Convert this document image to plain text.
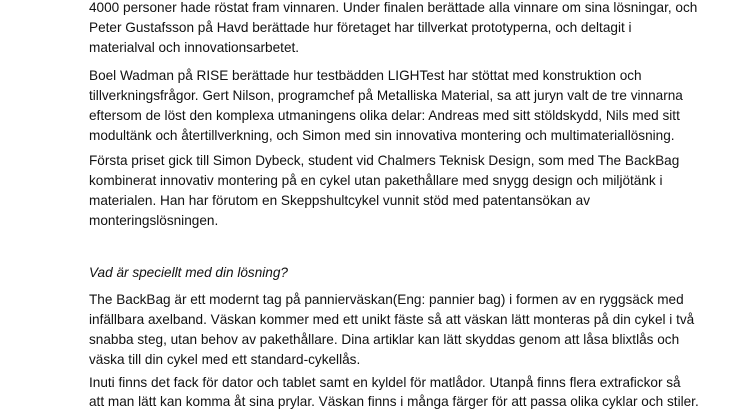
4000 personer hade röstat fram vinnaren. Under finalen berättade alla vinnare om sina lösningar, och
Peter Gustafsson på Havd berättade hur företaget har tillverkat prototyperna, och deltagit i
materialval och innovationsarbetet.
Boel Wadman på RISE berättade hur testbädden LIGHTest har stöttat med konstruktion och
tillverkningsfrågor. Gert Nilson, programchef på Metalliska Material, sa att juryn valt de tre vinnarna
eftersom de löst den komplexa utmaningens olika delar: Andreas med sitt stöldskydd, Nils med sitt
modultänk och återtillverkning, och Simon med sin innovativa montering och multimateriallösning.
Första priset gick till Simon Dybeck, student vid Chalmers Teknisk Design, som med The BackBag
kombinerat innovativ montering på en cykel utan pakethållare med snygg design och miljötänk i
materialen. Han har förutom en Skeppshultcykel vunnit stöd med patentansökan av
monteringslösningen.
Vad är speciellt med din lösning?
The BackBag är ett modernt tag på pannierväskan(Eng: pannier bag) i formen av en ryggsäck med
infällbara axelband. Väskan kommer med ett unikt fäste så att väskan lätt monteras på din cykel i två
snabba steg, utan behov av pakethållare. Dina artiklar kan lätt skyddas genom att låsa blixtlås och
väska till din cykel med ett standard-cykellås.
Inuti finns det fack för dator och tablet samt en kyldel för matlådor. Utanpå finns flera extrafickor så
att man lätt kan komma åt sina prylar. Väskan finns i många färger för att passa olika cyklar och stiler.
